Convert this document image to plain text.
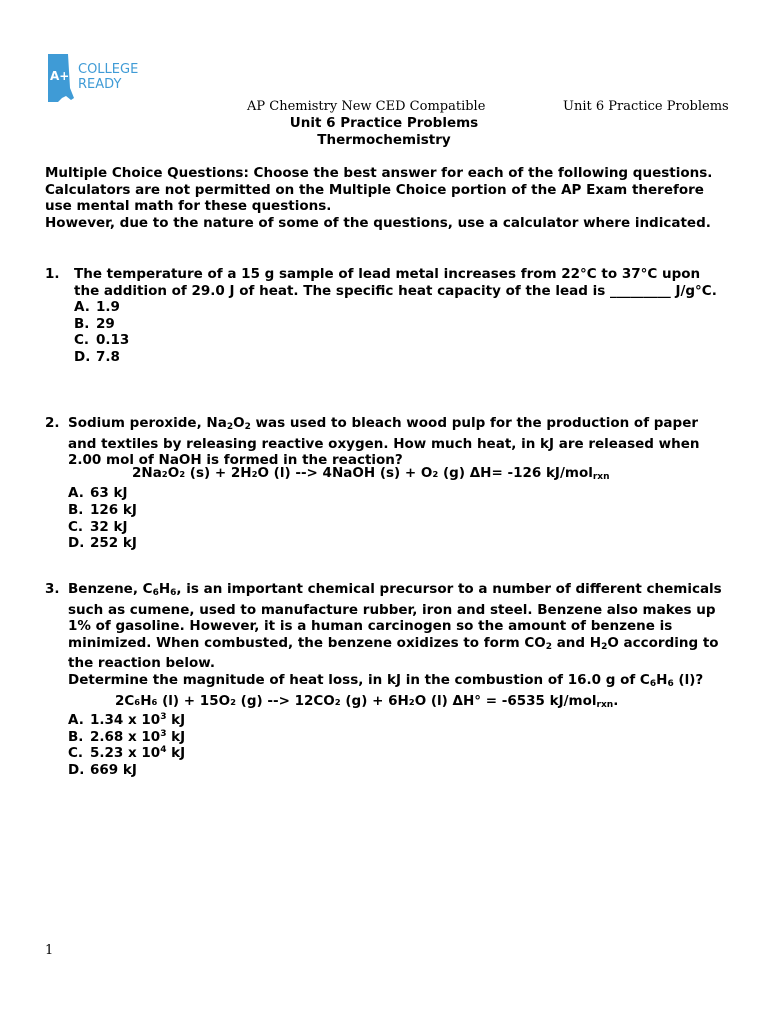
A+ COLLEGE
READY
AP Chemistry New CED Compatible	Unit 6 Practice Problems
Unit 6 Practice Problems
Thermochemistry
Multiple Choice Questions: Choose the best answer for each of the following questions.
Calculators are not permitted on the Multiple Choice portion of the AP Exam therefore use mental math for these questions.
However, due to the nature of some of the questions, use a calculator where indicated.
1. The temperature of a 15 g sample of lead metal increases from 22°C to 37°C upon the addition of 29.0 J of heat. The specific heat capacity of the lead is _________ J/g°C.
A. 1.9
B. 29
C. 0.13
D. 7.8
2. Sodium peroxide, $Na_2O_2$ was used to bleach wood pulp for the production of paper and textiles by releasing reactive oxygen. How much heat, in kJ are released when 2.00 mol of NaOH is formed in the reaction?
2Na₂O₂ (s) + 2H₂O (l) --> 4NaOH (s) + O₂ (g) ΔH= -126 kJ/mol$_{rxn}$
A. 63 kJ
B. 126 kJ
C. 32 kJ
D. 252 kJ
3. Benzene, $C_6H_6$, is an important chemical precursor to a number of different chemicals such as cumene, used to manufacture rubber, iron and steel. Benzene also makes up 1% of gasoline. However, it is a human carcinogen so the amount of benzene is minimized. When combusted, the benzene oxidizes to form $CO_2$ and $H_2O$ according to the reaction below.
Determine the magnitude of heat loss, in kJ in the combustion of 16.0 g of $C_6H_6$ (l)?
2C₆H₆ (l) + 15O₂ (g) --> 12CO₂ (g) + 6H₂O (l) ΔH° = -6535 kJ/mol$_{rxn}$.
A. 1.34 x $10^3$ kJ
B. 2.68 x $10^3$ kJ
C. 5.23 x $10^4$ kJ
D. 669 kJ
1
